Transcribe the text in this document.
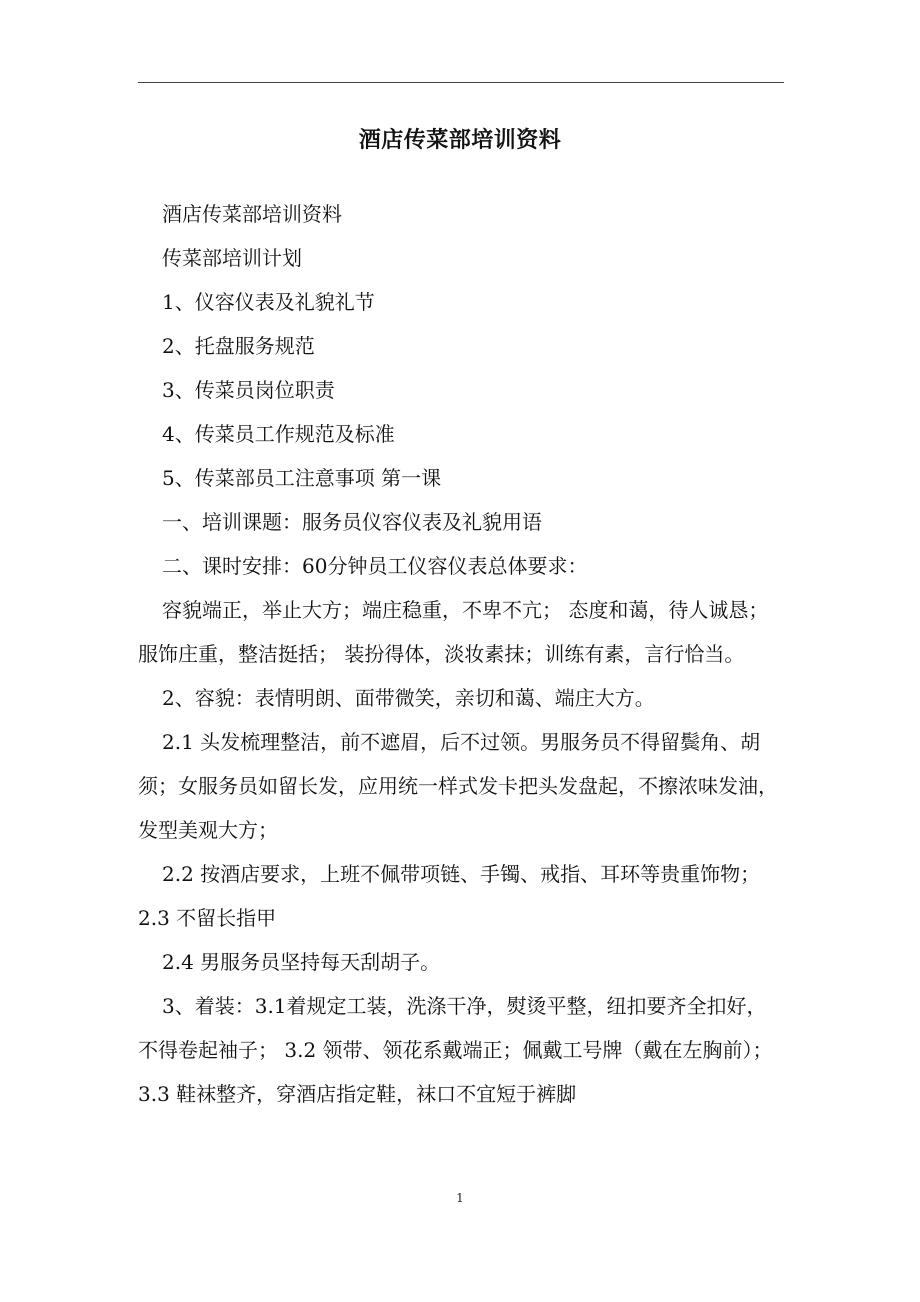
酒店传菜部培训资料

酒店传菜部培训资料

传菜部培训计划

1、仪容仪表及礼貌礼节

2、托盘服务规范

3、传菜员岗位职责

4、传菜员工作规范及标准

5、传菜部员工注意事项 第一课

一、培训课题：服务员仪容仪表及礼貌用语

二、课时安排：60分钟员工仪容仪表总体要求：

容貌端正，举止大方；端庄稳重，不卑不亢； 态度和蔼，待人诚恳；服饰庄重，整洁挺括； 装扮得体，淡妆素抹；训练有素，言行恰当。

2、容貌：表情明朗、面带微笑，亲切和蔼、端庄大方。

2.1 头发梳理整洁，前不遮眉，后不过领。男服务员不得留鬓角、胡须；女服务员如留长发，应用统一样式发卡把头发盘起，不擦浓味发油，发型美观大方；

2.2 按酒店要求，上班不佩带项链、手镯、戒指、耳环等贵重饰物；

2.3 不留长指甲

2.4 男服务员坚持每天刮胡子。

3、着装：3.1着规定工装，洗涤干净，熨烫平整，纽扣要齐全扣好，不得卷起袖子； 3.2 领带、领花系戴端正；佩戴工号牌（戴在左胸前）； 3.3 鞋袜整齐，穿酒店指定鞋，袜口不宜短于裤脚

1
